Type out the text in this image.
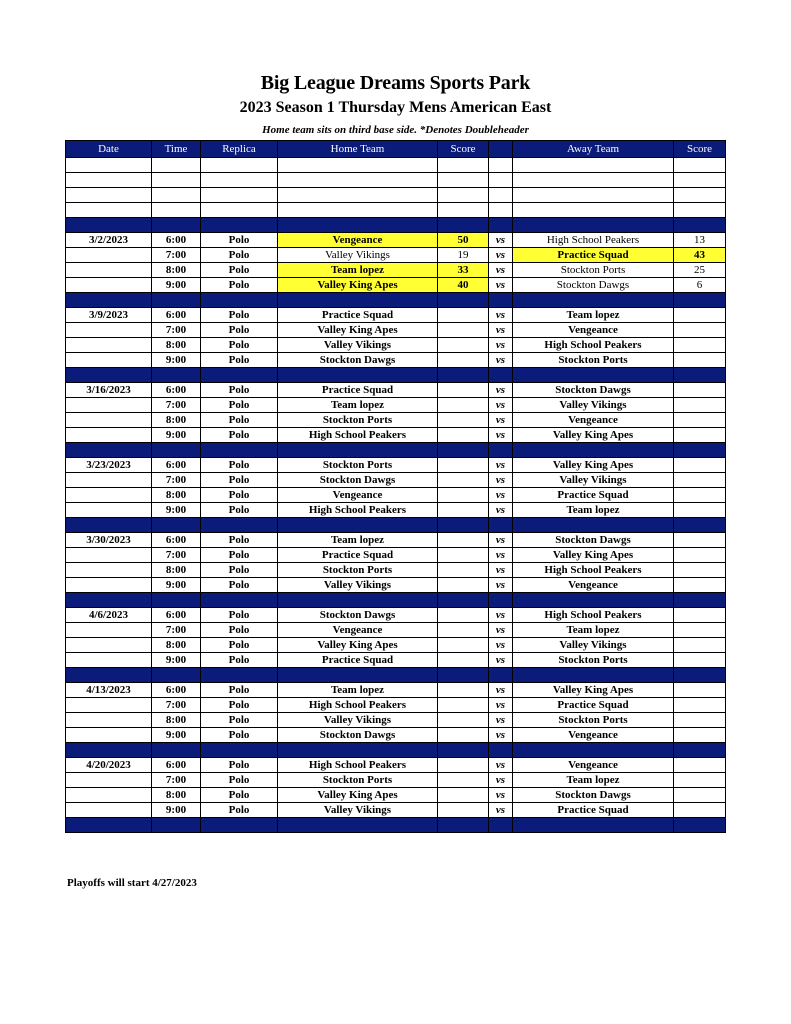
Big League Dreams Sports Park
2023 Season 1 Thursday Mens American East
Home team sits on third base side. *Denotes Doubleheader
Date	Time	Replica	Home Team	Score		Away Team	Score

3/2/2023	6:00	Polo	Vengeance	50	vs	High School Peakers	13
	7:00	Polo	Valley Vikings	19	vs	Practice Squad	43
	8:00	Polo	Team lopez	33	vs	Stockton Ports	25
	9:00	Polo	Valley King Apes	40	vs	Stockton Dawgs	6

3/9/2023	6:00	Polo	Practice Squad		vs	Team lopez	
	7:00	Polo	Valley King Apes		vs	Vengeance	
	8:00	Polo	Valley Vikings		vs	High School Peakers	
	9:00	Polo	Stockton Dawgs		vs	Stockton Ports	

3/16/2023	6:00	Polo	Practice Squad		vs	Stockton Dawgs	
	7:00	Polo	Team lopez		vs	Valley Vikings	
	8:00	Polo	Stockton Ports		vs	Vengeance	
	9:00	Polo	High School Peakers		vs	Valley King Apes	

3/23/2023	6:00	Polo	Stockton Ports		vs	Valley King Apes	
	7:00	Polo	Stockton Dawgs		vs	Valley Vikings	
	8:00	Polo	Vengeance		vs	Practice Squad	
	9:00	Polo	High School Peakers		vs	Team lopez	

3/30/2023	6:00	Polo	Team lopez		vs	Stockton Dawgs	
	7:00	Polo	Practice Squad		vs	Valley King Apes	
	8:00	Polo	Stockton Ports		vs	High School Peakers	
	9:00	Polo	Valley Vikings		vs	Vengeance	

4/6/2023	6:00	Polo	Stockton Dawgs		vs	High School Peakers	
	7:00	Polo	Vengeance		vs	Team lopez	
	8:00	Polo	Valley King Apes		vs	Valley Vikings	
	9:00	Polo	Practice Squad		vs	Stockton Ports	

4/13/2023	6:00	Polo	Team lopez		vs	Valley King Apes	
	7:00	Polo	High School Peakers		vs	Practice Squad	
	8:00	Polo	Valley Vikings		vs	Stockton Ports	
	9:00	Polo	Stockton Dawgs		vs	Vengeance	

4/20/2023	6:00	Polo	High School Peakers		vs	Vengeance	
	7:00	Polo	Stockton Ports		vs	Team lopez	
	8:00	Polo	Valley King Apes		vs	Stockton Dawgs	
	9:00	Polo	Valley Vikings		vs	Practice Squad	

Playoffs will start 4/27/2023
